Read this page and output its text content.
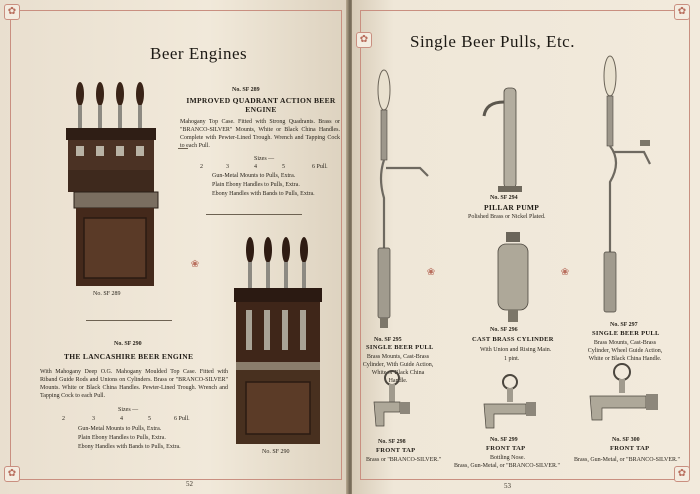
✿
✿
Beer Engines
No. SF 289
No. SF 289
IMPROVED QUADRANT ACTION BEER ENGINE
Mahogany Top Case. Fitted with Strong Quadrants. Brass or "BRANCO-SILVER" Mounts, White or Black China Handles. Complete with Pewter-Lined Trough. Wrench and Tapping Cock to each Pull.
Sizes —
2	3	4	5	6 Pull.
Gun-Metal Mounts to Pulls, Extra.
Plain Ebony Handles to Pulls, Extra.
Ebony Handles with Bands to Pulls, Extra.
❀
No. SF 290
No. SF 290
THE LANCASHIRE BEER ENGINE
With Mahogany Deep O.G. Mahogany Moulded Top Case. Fitted with Riband Guide Rods and Unions on Cylinders. Brass or "BRANCO-SILVER" Mounts. White or Black China Handles. Pewter-Lined Trough. Wrench and Tapping Cock to each Pull.
Sizes —
2	3	4	5	6 Pull.
Gun-Metal Mounts to Pulls, Extra.
Plain Ebony Handles to Pulls, Extra.
Ebony Handles with Bands to Pulls, Extra.
52
✿
✿
✿ Single Beer Pulls, Etc.
No. SF 295
SINGLE BEER PULL
Brass Mounts, Cast-Brass Cylinder, With Guide Action, White or Black China Handle.
No. SF 294
PILLAR PUMP
Polished Brass or Nickel Plated.
No. SF 296
CAST BRASS CYLINDER
With Union and Rising Main.
1 pint.
❀	❀
No. SF 297
SINGLE BEER PULL
Brass Mounts, Cast-Brass Cylinder, Wheel Guide Action, White or Black China Handle.
No. SF 298
FRONT TAP
Brass or "BRANCO-SILVER."
No. SF 299
FRONT TAP
Bottling Nose.
Brass, Gun-Metal, or "BRANCO-SILVER."
No. SF 300
FRONT TAP
Brass, Gun-Metal, or "BRANCO-SILVER."
53
